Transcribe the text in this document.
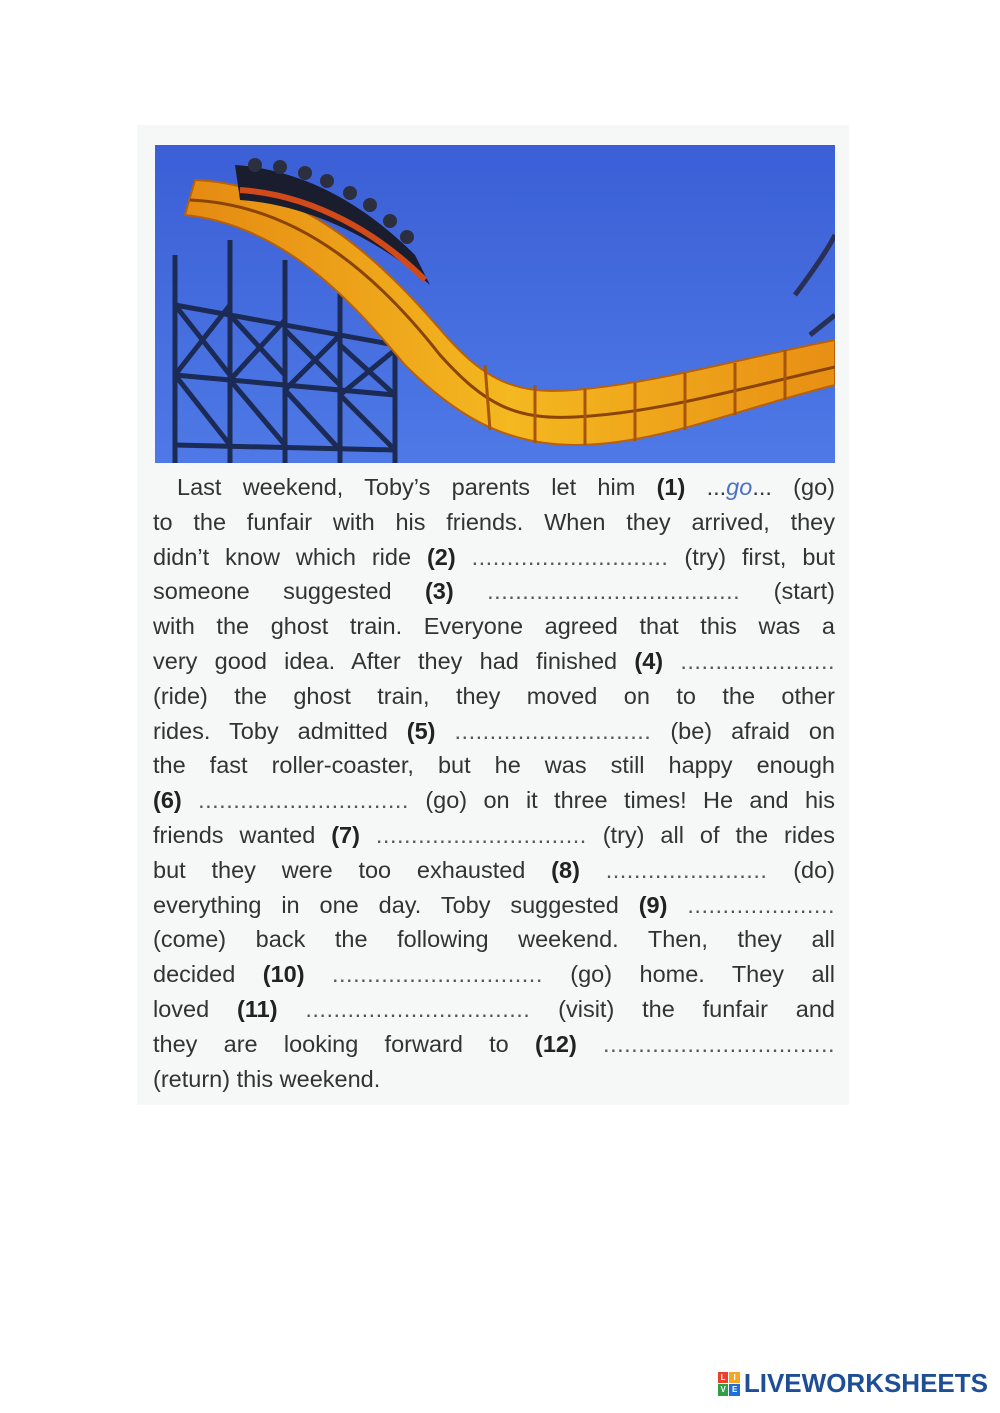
Last weekend, Toby’s parents let him (1) ...go... (go)
to the funfair with his friends. When they arrived, they
didn’t know which ride (2) ............................ (try) first, but
someone suggested (3) .................................... (start)
with the ghost train. Everyone agreed that this was a
very good idea. After they had finished (4) ......................
(ride) the ghost train, they moved on to the other
rides. Toby admitted (5) ............................ (be) afraid on
the fast roller-coaster, but he was still happy enough
(6) .............................. (go) on it three times! He and his
friends wanted (7) .............................. (try) all of the rides
but they were too exhausted (8) ....................... (do)
everything in one day. Toby suggested (9) .....................
(come) back the following weekend. Then, they all
decided (10) .............................. (go) home. They all
loved (11) ................................ (visit) the funfair and
they are looking forward to (12) .................................
(return) this weekend.
L I
V E LIVEWORKSHEETS
